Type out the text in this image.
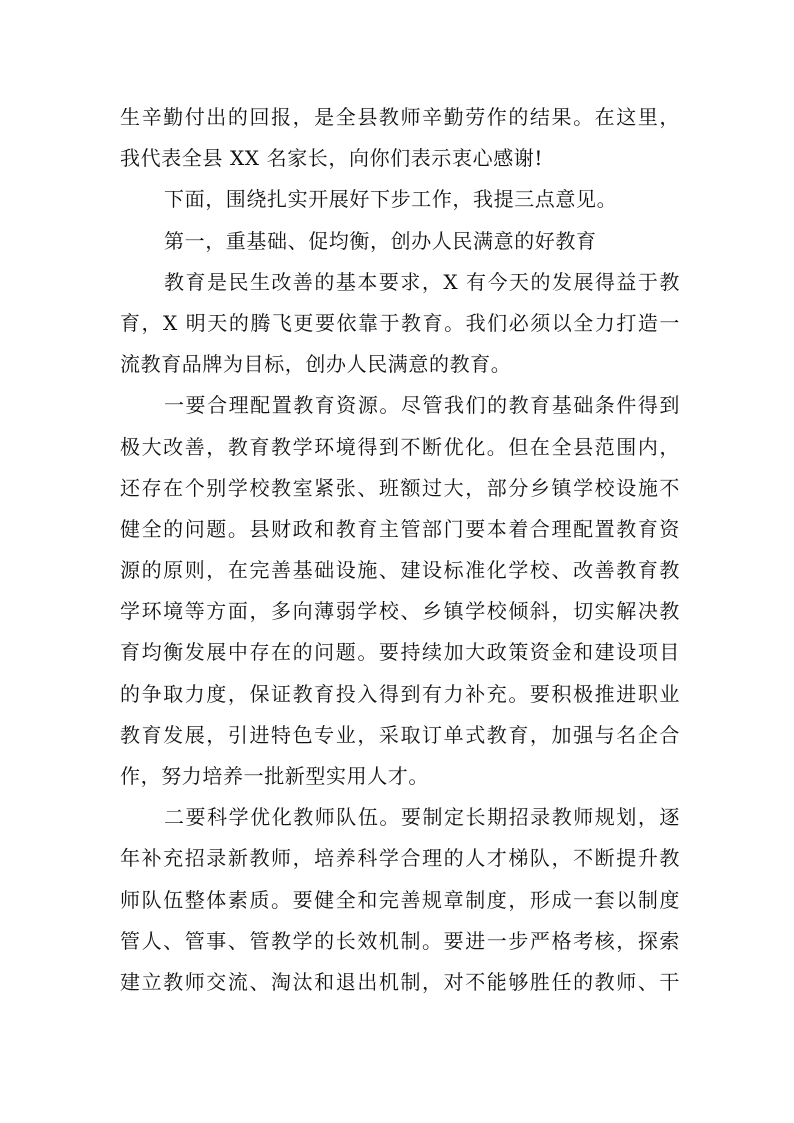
生辛勤付出的回报，是全县教师辛勤劳作的结果。在这里，
我代表全县 XX 名家长，向你们表示衷心感谢!
下面，围绕扎实开展好下步工作，我提三点意见。
第一，重基础、促均衡，创办人民满意的好教育
教育是民生改善的基本要求，X 有今天的发展得益于教
育，X 明天的腾飞更要依靠于教育。我们必须以全力打造一
流教育品牌为目标，创办人民满意的教育。
一要合理配置教育资源。尽管我们的教育基础条件得到
极大改善，教育教学环境得到不断优化。但在全县范围内，
还存在个别学校教室紧张、班额过大，部分乡镇学校设施不
健全的问题。县财政和教育主管部门要本着合理配置教育资
源的原则，在完善基础设施、建设标准化学校、改善教育教
学环境等方面，多向薄弱学校、乡镇学校倾斜，切实解决教
育均衡发展中存在的问题。要持续加大政策资金和建设项目
的争取力度，保证教育投入得到有力补充。要积极推进职业
教育发展，引进特色专业，采取订单式教育，加强与名企合
作，努力培养一批新型实用人才。
二要科学优化教师队伍。要制定长期招录教师规划，逐
年补充招录新教师，培养科学合理的人才梯队，不断提升教
师队伍整体素质。要健全和完善规章制度，形成一套以制度
管人、管事、管教学的长效机制。要进一步严格考核，探索
建立教师交流、淘汰和退出机制，对不能够胜任的教师、干
